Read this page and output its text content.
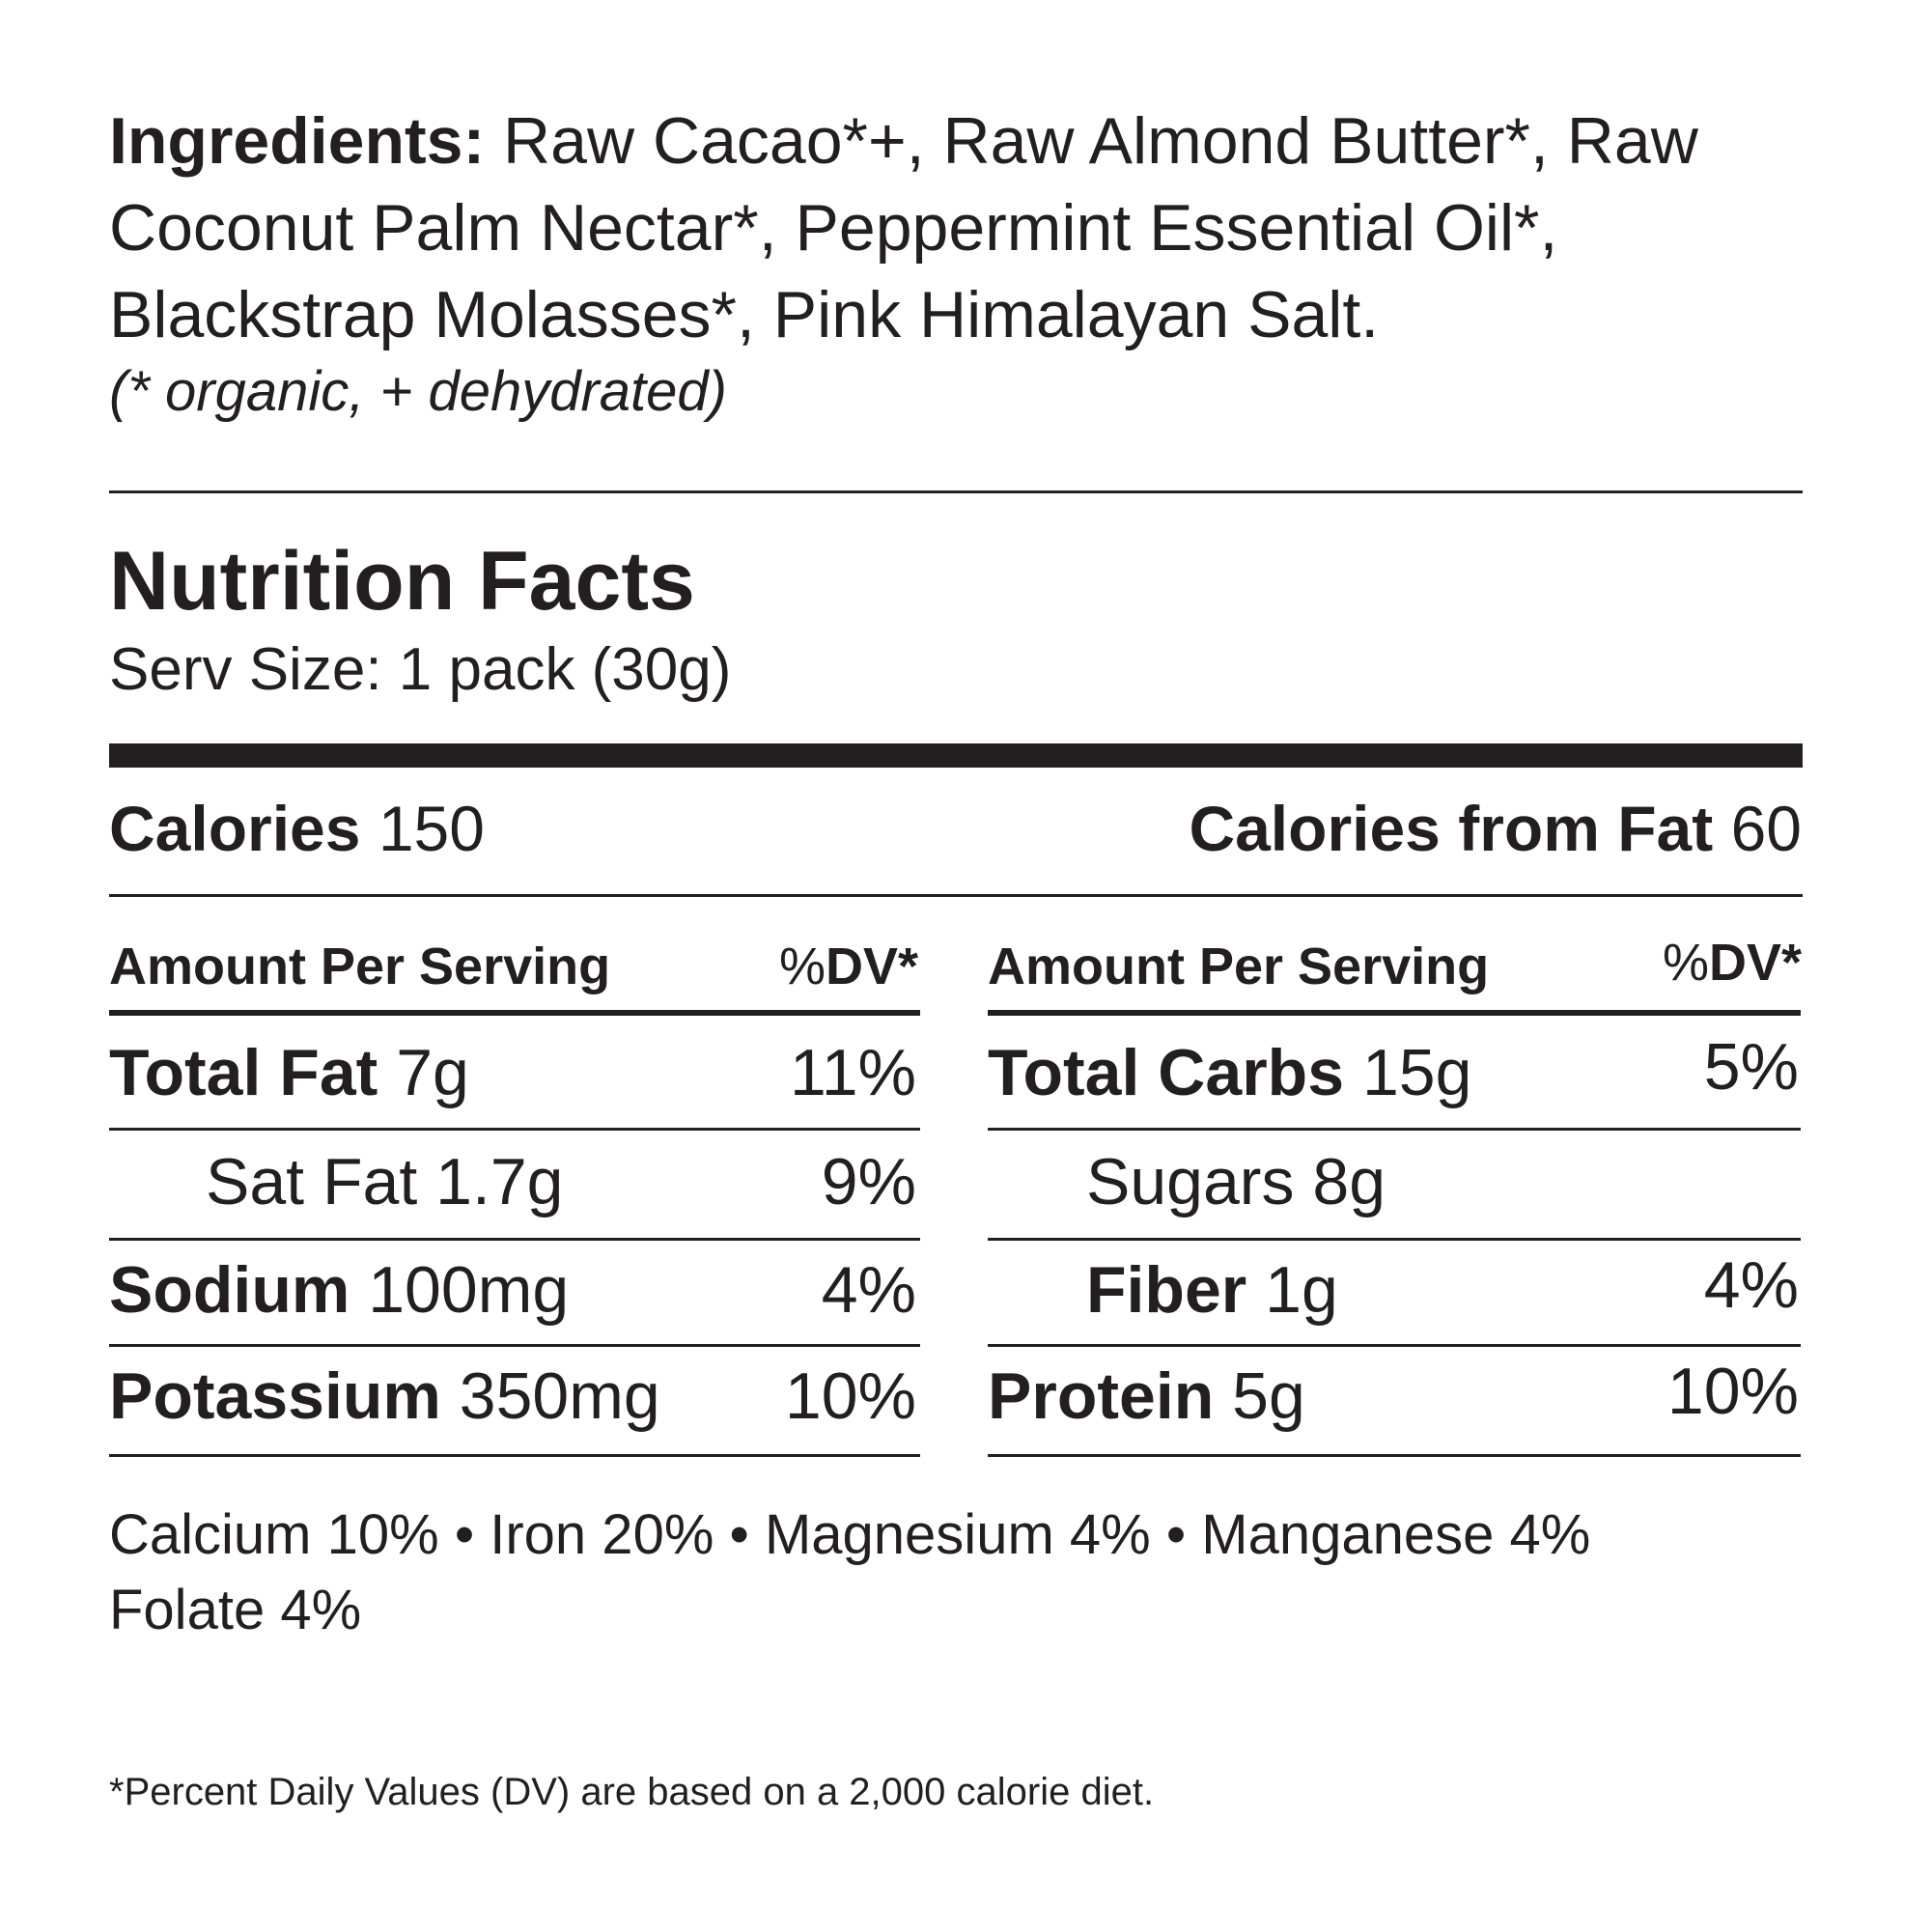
Ingredients: Raw Cacao*+, Raw Almond Butter*, Raw Coconut Palm Nectar*, Peppermint Essential Oil*, Blackstrap Molasses*, Pink Himalayan Salt.
(* organic, + dehydrated)
Nutrition Facts
Serv Size: 1 pack (30g)
Calories 150	Calories from Fat 60
Amount Per Serving	%DV* Amount Per Serving	%DV*
Total Fat 7g	11%
Sat Fat 1.7g	9%
Sodium 100mg	4%
Potassium 350mg 10%
Total Carbs 15g	5%
Sugars 8g
Fiber 1g	4%
Protein 5g	10%
Calcium 10% • Iron 20% • Magnesium 4% • Manganese 4%
Folate 4%
*Percent Daily Values (DV) are based on a 2,000 calorie diet.
